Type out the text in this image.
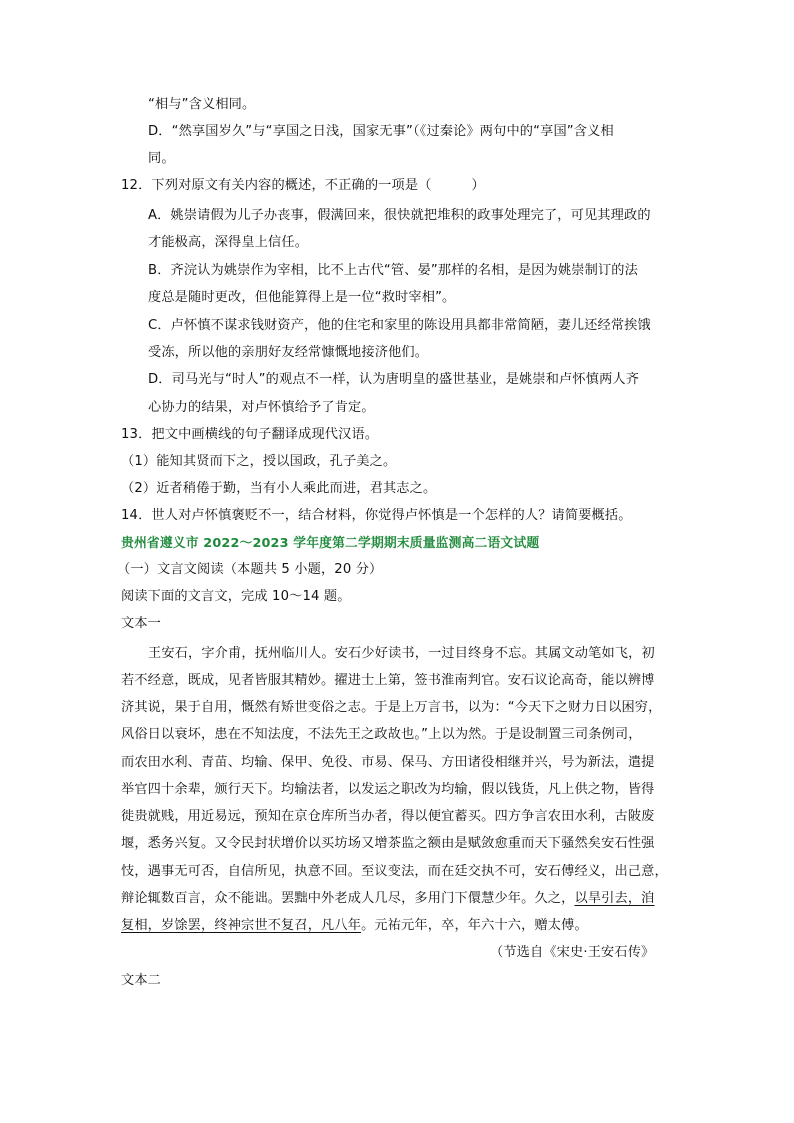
“相与”含义相同。
D．“然享国岁久”与“享国之日浅，国家无事”（《过秦论》两句中的“享国”含义相
同。
12．下列对原文有关内容的概述，不正确的一项是（　　　）
A．姚崇请假为儿子办丧事，假满回来，很快就把堆积的政事处理完了，可见其理政的
才能极高，深得皇上信任。
B．齐浣认为姚崇作为宰相，比不上古代“管、晏”那样的名相，是因为姚崇制订的法
度总是随时更改，但他能算得上是一位“救时宰相”。
C．卢怀慎不谋求钱财资产，他的住宅和家里的陈设用具都非常简陋，妻儿还经常挨饿
受冻，所以他的亲朋好友经常慷慨地接济他们。
D．司马光与“时人”的观点不一样，认为唐明皇的盛世基业，是姚崇和卢怀慎两人齐
心协力的结果，对卢怀慎给予了肯定。
13．把文中画横线的句子翻译成现代汉语。
（1）能知其贤而下之，授以国政，孔子美之。
（2）近者稍倦于勤，当有小人乘此而进，君其志之。
14．世人对卢怀慎褒贬不一，结合材料，你觉得卢怀慎是一个怎样的人？请简要概括。
贵州省遵义市 2022～2023 学年度第二学期期末质量监测高二语文试题
（一）文言文阅读（本题共 5 小题，20 分）
阅读下面的文言文，完成 10～14 题。
文本一
王安石，字介甫，抚州临川人。安石少好读书，一过目终身不忘。其属文动笔如飞，初
若不经意，既成，见者皆服其精妙。擢进士上第，签书淮南判官。安石议论高奇，能以辨博
济其说，果于自用，慨然有矫世变俗之志。于是上万言书，以为：“今天下之财力日以困穷，
风俗日以衰坏，患在不知法度，不法先王之政故也。”上以为然。于是设制置三司条例司，
而农田水利、青苗、均输、保甲、免役、市易、保马、方田诸役相继并兴，号为新法，遣提
举官四十余辈，颁行天下。均输法者，以发运之职改为均输，假以钱货，凡上供之物，皆得
徙贵就贱，用近易远，预知在京仓库所当办者，得以便宜蓄买。四方争言农田水利，古陂废
堰，悉务兴复。又令民封状增价以买坊场又增茶监之额由是赋敛愈重而天下骚然矣安石性强
忮，遇事无可否，自信所见，执意不回。至议变法，而在廷交执不可，安石傅经义，出己意，
辩论辄数百言，众不能诎。罢黜中外老成人几尽，多用门下儇慧少年。久之，以旱引去，洎
复相，岁馀罢，终神宗世不复召，凡八年。元祐元年，卒，年六十六，赠太傅。
（节选自《宋史·王安石传》
文本二
